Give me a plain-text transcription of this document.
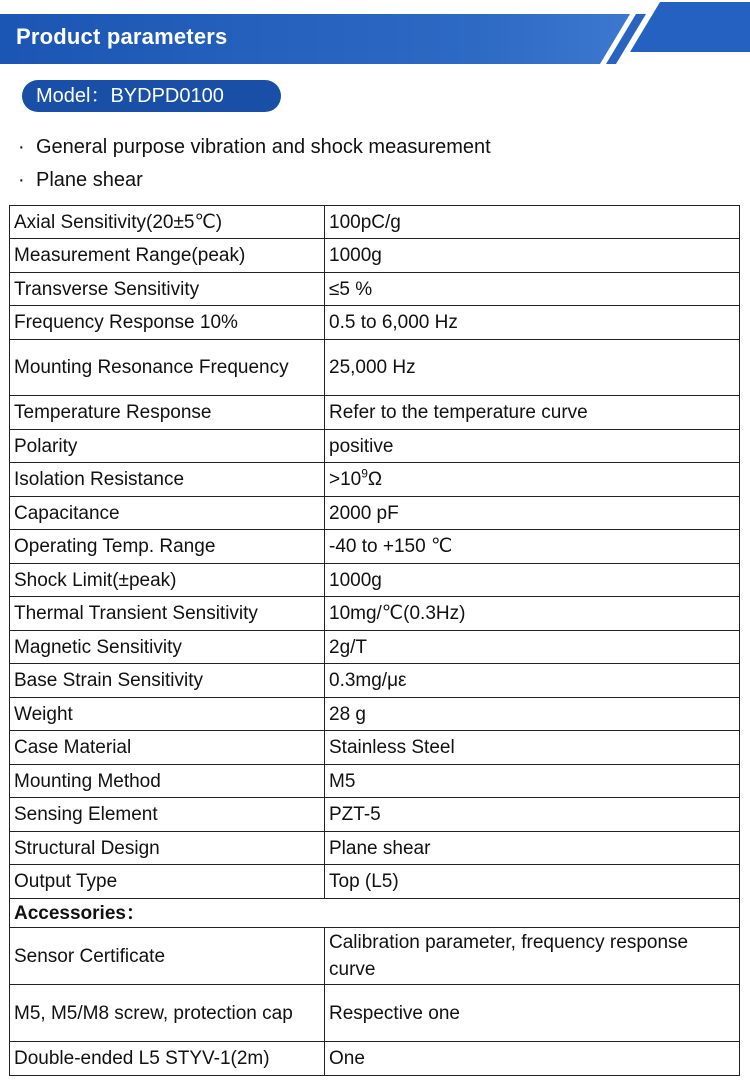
Product parameters
Model：BYDPD0100
· General purpose vibration and shock measurement
· Plane shear
Axial Sensitivity(20±5℃)	100pC/g
Measurement Range(peak)	1000g
Transverse Sensitivity	≤5 %
Frequency Response 10%	0.5 to 6,000 Hz
Mounting Resonance Frequency	25,000 Hz
Temperature Response	Refer to the temperature curve
Polarity	positive
Isolation Resistance	$>10^9\Omega$
Capacitance	2000 pF
Operating Temp. Range	-40 to +150 ℃
Shock Limit(±peak)	1000g
Thermal Transient Sensitivity	10mg/℃(0.3Hz)
Magnetic Sensitivity	2g/T
Base Strain Sensitivity	0.3mg/με
Weight	28 g
Case Material	Stainless Steel
Mounting Method	M5
Sensing Element	PZT-5
Structural Design	Plane shear
Output Type	Top (L5)
Accessories：	
Sensor Certificate	Calibration parameter, frequency response curve
M5, M5/M8 screw, protection cap	Respective one
Double-ended L5 STYV-1(2m)	One
